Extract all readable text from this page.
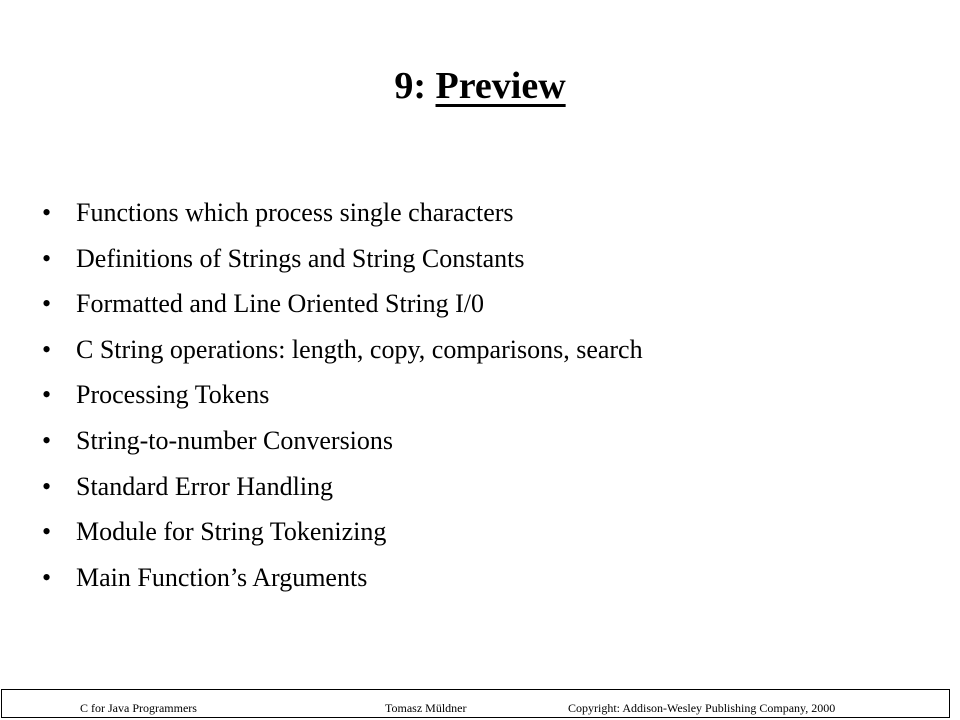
9: Preview
• Functions which process single characters
• Definitions of Strings and String Constants
• Formatted and Line Oriented String I/0
• C String operations: length, copy, comparisons, search
• Processing Tokens
• String-to-number Conversions
• Standard Error Handling
• Module for String Tokenizing
• Main Function’s Arguments
C for Java Programmers	Tomasz Müldner	Copyright: Addison-Wesley Publishing Company, 2000
